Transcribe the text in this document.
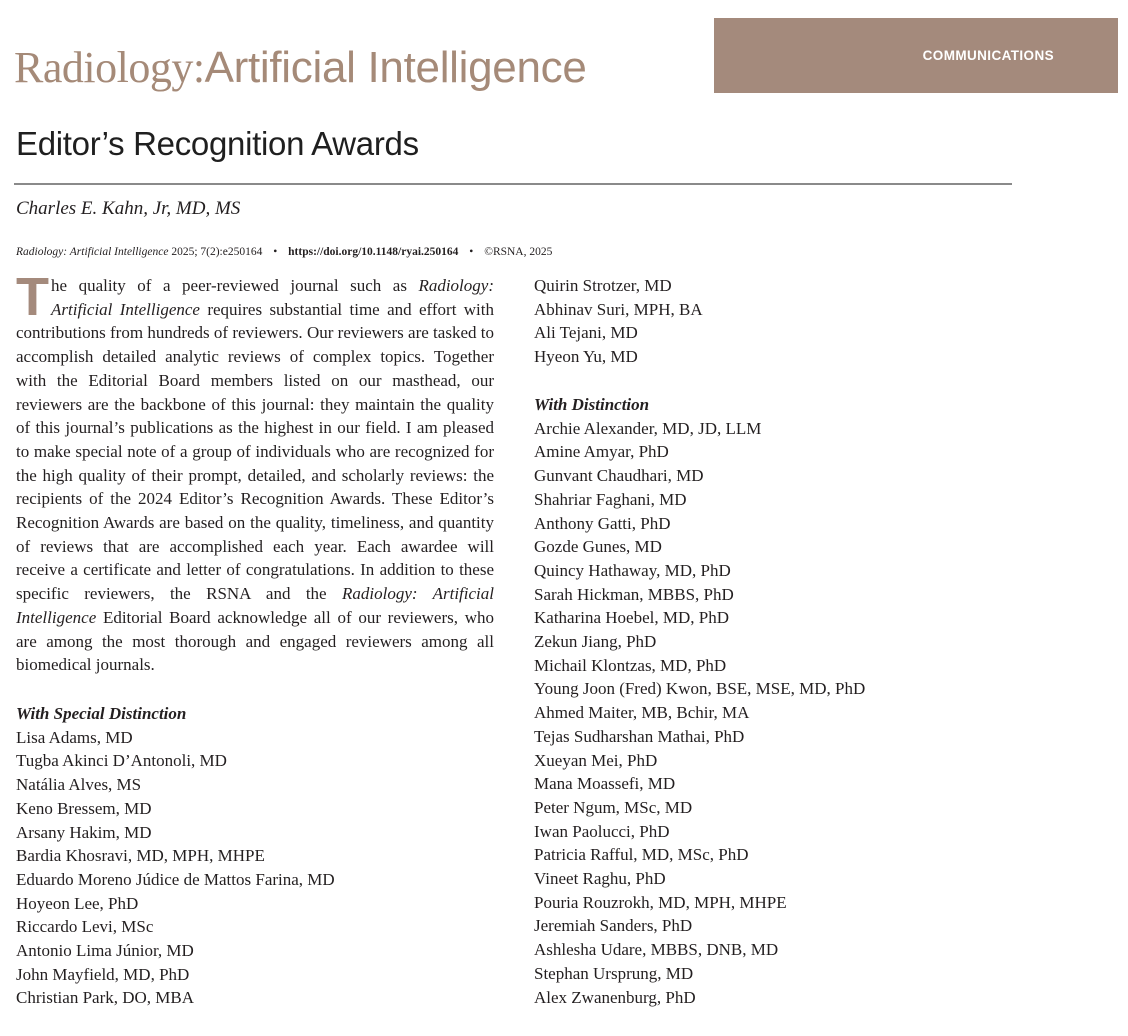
Radiology:Artificial Intelligence	COMMUNICATIONS
Editor’s Recognition Awards
Charles E. Kahn, Jr, MD, MS
Radiology: Artificial Intelligence 2025; 7(2):e250164 • https://doi.org/10.1148/ryai.250164 • ©RSNA, 2025

The quality of a peer-reviewed journal such as Radiology: Artificial Intelligence requires substantial time and effort with contributions from hundreds of reviewers. Our reviewers are tasked to accomplish detailed analytic reviews of complex topics. Together with the Editorial Board members listed on our masthead, our reviewers are the backbone of this journal: they maintain the quality of this journal’s publications as the highest in our field. I am pleased to make special note of a group of individuals who are recognized for the high quality of their prompt, detailed, and scholarly reviews: the recipients of the 2024 Editor’s Recognition Awards. These Editor’s Recognition Awards are based on the quality, timeliness, and quantity of reviews that are accomplished each year. Each awardee will receive a certificate and letter of congratulations. In addition to these specific reviewers, the RSNA and the Radiology: Artificial Intelligence Editorial Board acknowledge all of our reviewers, who are among the most thorough and engaged reviewers among all biomedical journals.

With Special Distinction
Lisa Adams, MD
Tugba Akinci D’Antonoli, MD
Natália Alves, MS
Keno Bressem, MD
Arsany Hakim, MD
Bardia Khosravi, MD, MPH, MHPE
Eduardo Moreno Júdice de Mattos Farina, MD
Hoyeon Lee, PhD
Riccardo Levi, MSc
Antonio Lima Júnior, MD
John Mayfield, MD, PhD
Christian Park, DO, MBA
Quirin Strotzer, MD
Abhinav Suri, MPH, BA
Ali Tejani, MD
Hyeon Yu, MD
With Distinction
Archie Alexander, MD, JD, LLM
Amine Amyar, PhD
Gunvant Chaudhari, MD
Shahriar Faghani, MD
Anthony Gatti, PhD
Gozde Gunes, MD
Quincy Hathaway, MD, PhD
Sarah Hickman, MBBS, PhD
Katharina Hoebel, MD, PhD
Zekun Jiang, PhD
Michail Klontzas, MD, PhD
Young Joon (Fred) Kwon, BSE, MSE, MD, PhD
Ahmed Maiter, MB, Bchir, MA
Tejas Sudharshan Mathai, PhD
Xueyan Mei, PhD
Mana Moassefi, MD
Peter Ngum, MSc, MD
Iwan Paolucci, PhD
Patricia Rafful, MD, MSc, PhD
Vineet Raghu, PhD
Pouria Rouzrokh, MD, MPH, MHPE
Jeremiah Sanders, PhD
Ashlesha Udare, MBBS, DNB, MD
Stephan Ursprung, MD
Alex Zwanenburg, PhD
